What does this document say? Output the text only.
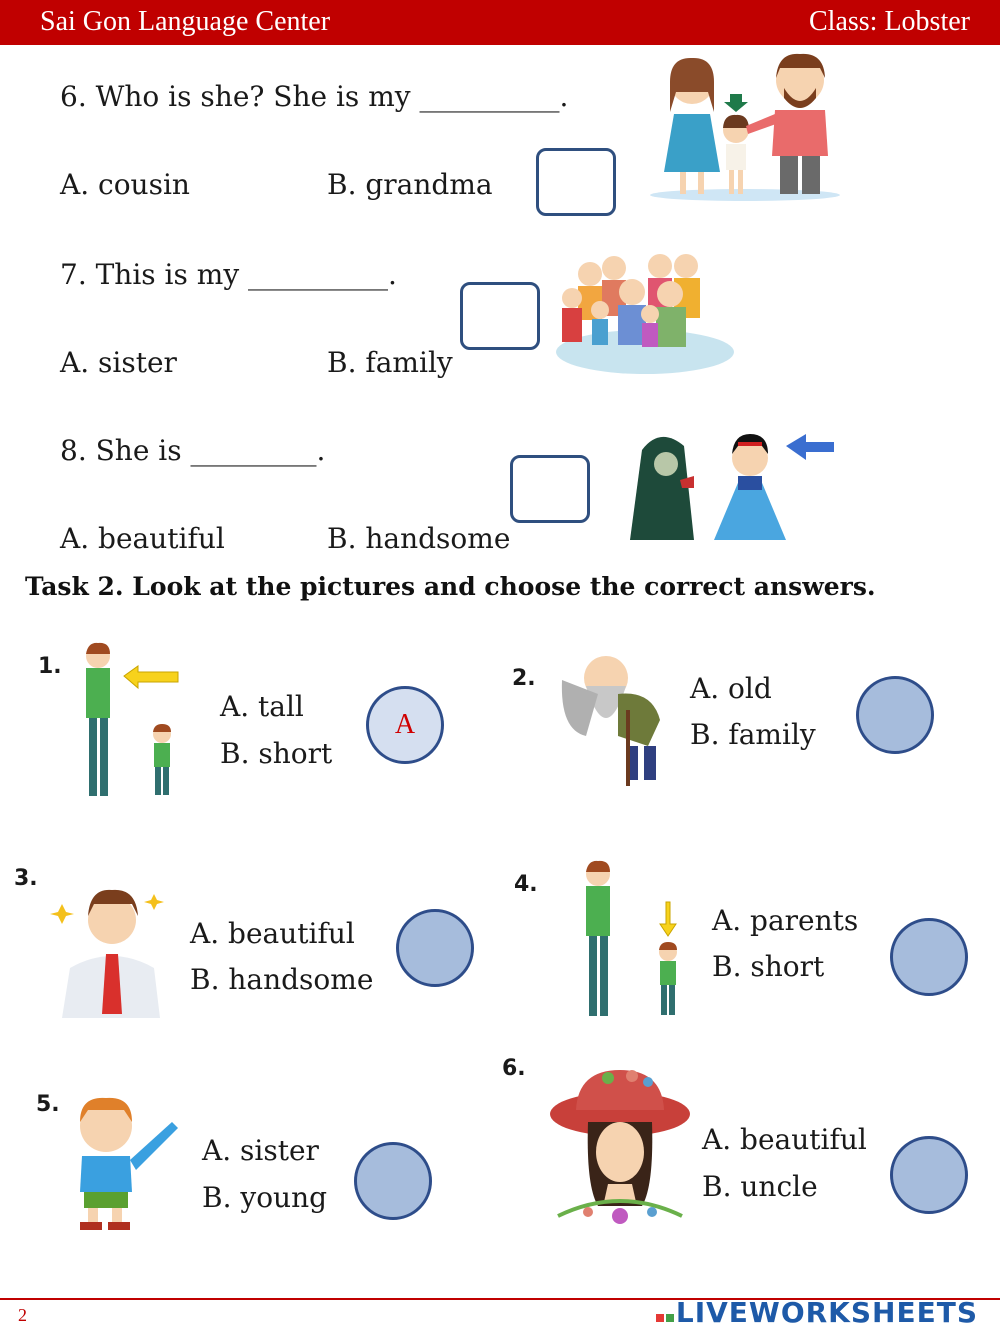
Sai Gon Language Center	Class: Lobster
6. Who is she? She is my __________.
A. cousin	B. grandma
7. This is my __________.
A. sister	B. family
8. She is _________.
A. beautiful	B. handsome
Task 2. Look at the pictures and choose the correct answers.
1.
A. tall
B. short
A
2.	A. old
B. family
3.
A. beautiful
B. handsome
4.
A. parents
B. short
5.
A. sister
B. young
6.
A. beautiful
B. uncle
2	LIVEWORKSHEETS
